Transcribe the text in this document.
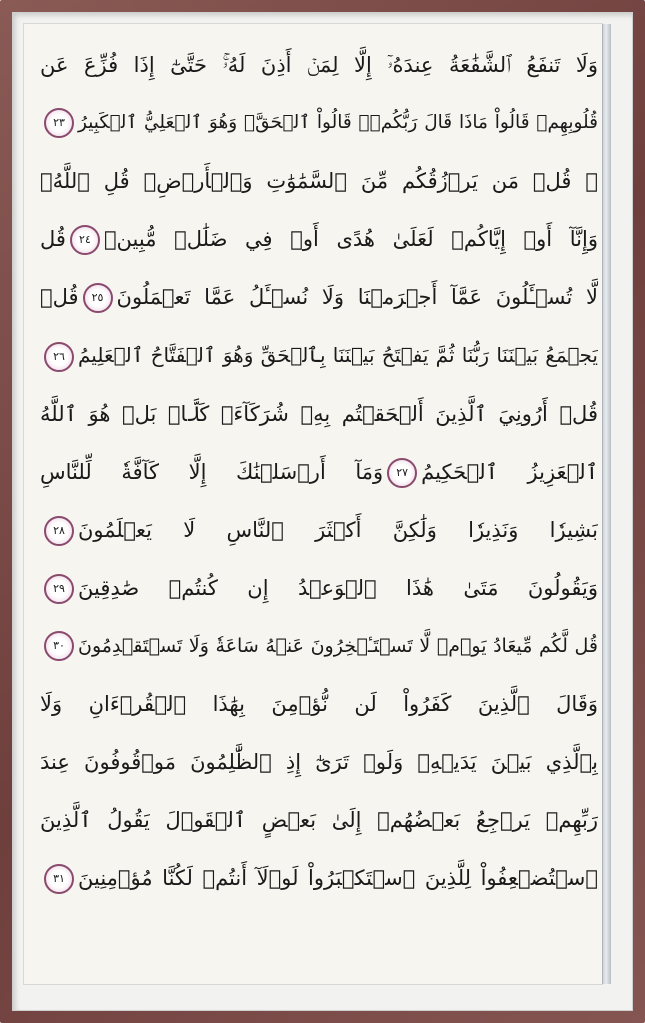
وَلَا تَنفَعُ ٱلشَّفَٰعَةُ عِندَهُۥٓ إِلَّا لِمَنۡ أَذِنَ لَهُۥۚ حَتَّىٰٓ إِذَا فُزِّعَ عَن
قُلُوبِهِمۡ قَالُواْ مَاذَا قَالَ رَبُّكُمۡۖ قَالُواْ ٱلۡحَقَّۖ وَهُوَ ٱلۡعَلِيُّ ٱلۡكَبِيرُ٢٣
۞ قُلۡ مَن يَرۡزُقُكُم مِّنَ ٱلسَّمَٰوَٰتِ وَٱلۡأَرۡضِۖ قُلِ ٱللَّهُۖ
وَإِنَّآ أَوۡ إِيَّاكُمۡ لَعَلَىٰ هُدًى أَوۡ فِي ضَلَٰلٖ مُّبِينٖ٢٤قُل
لَّا تُسۡـَٔلُونَ عَمَّآ أَجۡرَمۡنَا وَلَا نُسۡـَٔلُ عَمَّا تَعۡمَلُونَ٢٥قُلۡ
يَجۡمَعُ بَيۡنَنَا رَبُّنَا ثُمَّ يَفۡتَحُ بَيۡنَنَا بِٱلۡحَقِّ وَهُوَ ٱلۡفَتَّاحُ ٱلۡعَلِيمُ٢٦
قُلۡ أَرُونِيَ ٱلَّذِينَ أَلۡحَقۡتُم بِهِۦ شُرَكَآءَۖ كَلَّاۚ بَلۡ هُوَ ٱللَّهُ
ٱلۡعَزِيزُ ٱلۡحَكِيمُ٢٧وَمَآ أَرۡسَلۡنَٰكَ إِلَّا كَآفَّةٗ لِّلنَّاسِ
بَشِيرٗا وَنَذِيرٗا وَلَٰكِنَّ أَكۡثَرَ ٱلنَّاسِ لَا يَعۡلَمُونَ٢٨
وَيَقُولُونَ مَتَىٰ هَٰذَا ٱلۡوَعۡدُ إِن كُنتُمۡ صَٰدِقِينَ٢٩
قُل لَّكُم مِّيعَادُ يَوۡمٖ لَّا تَسۡتَـٔۡخِرُونَ عَنۡهُ سَاعَةٗ وَلَا تَسۡتَقۡدِمُونَ٣٠
وَقَالَ ٱلَّذِينَ كَفَرُواْ لَن نُّؤۡمِنَ بِهَٰذَا ٱلۡقُرۡءَانِ وَلَا
بِٱلَّذِي بَيۡنَ يَدَيۡهِۗ وَلَوۡ تَرَىٰٓ إِذِ ٱلظَّٰلِمُونَ مَوۡقُوفُونَ عِندَ
رَبِّهِمۡ يَرۡجِعُ بَعۡضُهُمۡ إِلَىٰ بَعۡضٍ ٱلۡقَوۡلَ يَقُولُ ٱلَّذِينَ
ٱسۡتُضۡعِفُواْ لِلَّذِينَ ٱسۡتَكۡبَرُواْ لَوۡلَآ أَنتُمۡ لَكُنَّا مُؤۡمِنِينَ٣١
